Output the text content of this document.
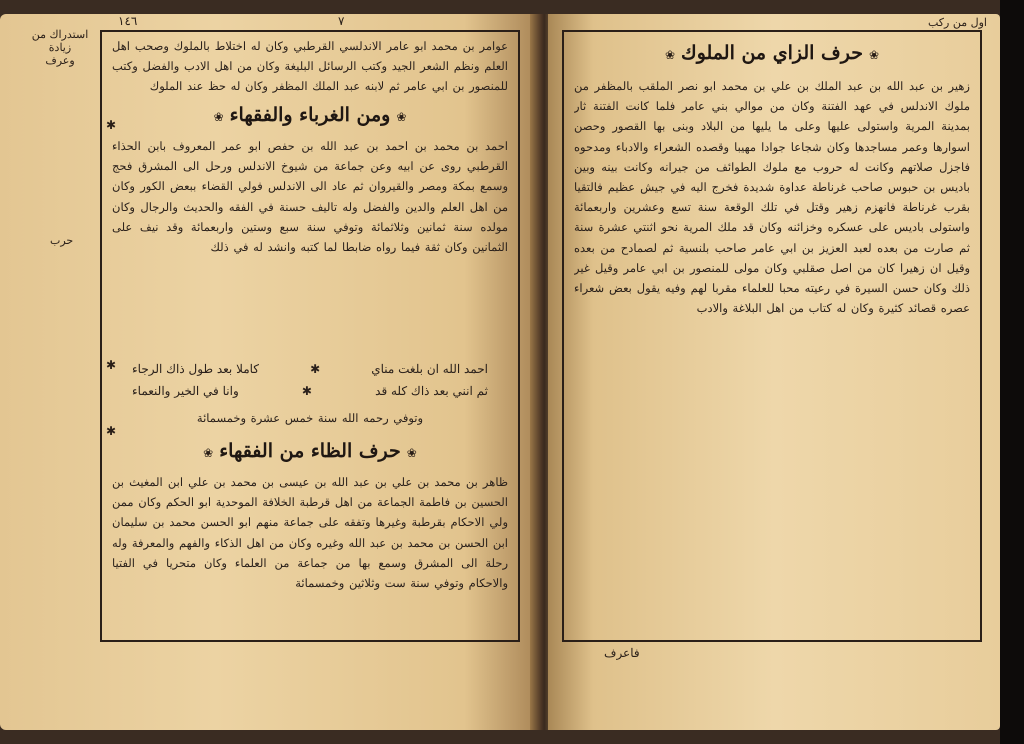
١٤٦	٧
استدراك من زيادة
وعرف
حرب
✱
✱
✱
عوامر بن محمد ابو عامر الاندلسي القرطبي وكان له اختلاط بالملوك وصحب اهل العلم ونظم الشعر الجيد وكتب الرسائل البليغة وكان من اهل الادب والفضل وكتب للمنصور بن ابي عامر ثم لابنه عبد الملك المظفر وكان له حظ عند الملوك
❀ومن الغرباء والفقهاء❀
احمد بن محمد بن احمد بن عبد الله بن حفص ابو عمر المعروف بابن الحذاء القرطبي روى عن ابيه وعن جماعة من شيوخ الاندلس ورحل الى المشرق فحج وسمع بمكة ومصر والقيروان ثم عاد الى الاندلس فولي القضاء ببعض الكور وكان من اهل العلم والدين والفضل وله تاليف حسنة في الفقه والحديث والرجال وكان مولده سنة ثمانين وثلاثمائة وتوفي سنة سبع وستين واربعمائة وقد نيف على الثمانين وكان ثقة فيما رواه ضابطا لما كتبه وانشد له في ذلك
احمد الله ان بلغت مناي
✱
كاملا بعد طول ذاك الرجاء
ثم انني بعد ذاك كله قد
✱
وانا في الخير والنعماء
وتوفي رحمه الله سنة خمس عشرة وخمسمائة
❀حرف الظاء من الفقهاء❀
ظاهر بن محمد بن علي بن عبد الله بن عيسى بن محمد بن علي ابن المغيث بن الحسين بن فاطمة الجماعة من اهل قرطبة الخلافة الموحدية ابو الحكم وكان ممن ولي الاحكام بقرطبة وغيرها وتفقه على جماعة منهم ابو الحسن محمد بن سليمان ابن الحسن بن محمد بن عبد الله وغيره وكان من اهل الذكاء والفهم والمعرفة وله رحلة الى المشرق وسمع بها من جماعة من العلماء وكان متحريا في الفتيا والاحكام وتوفي سنة ست وثلاثين وخمسمائة
اول من ركب
❀حرف الزاي من الملوك❀
زهير بن عبد الله بن عبد الملك بن علي بن محمد ابو نصر الملقب بالمظفر من ملوك الاندلس في عهد الفتنة وكان من موالي بني عامر فلما كانت الفتنة ثار بمدينة المرية واستولى عليها وعلى ما يليها من البلاد وبنى بها القصور وحصن اسوارها وعمر مساجدها وكان شجاعا جوادا مهيبا وقصده الشعراء والادباء ومدحوه فاجزل صلاتهم وكانت له حروب مع ملوك الطوائف من جيرانه وكانت بينه وبين باديس بن حبوس صاحب غرناطة عداوة شديدة فخرج اليه في جيش عظيم فالتقيا بقرب غرناطة فانهزم زهير وقتل في تلك الوقعة سنة تسع وعشرين واربعمائة واستولى باديس على عسكره وخزائنه وكان قد ملك المرية نحو اثنتي عشرة سنة ثم صارت من بعده لعبد العزيز بن ابي عامر صاحب بلنسية ثم لصمادح من بعده وقيل ان زهيرا كان من اصل صقلبي وكان مولى للمنصور بن ابي عامر وقيل غير ذلك وكان حسن السيرة في رعيته محبا للعلماء مقربا لهم وفيه يقول بعض شعراء عصره قصائد كثيرة وكان له كتاب من اهل البلاغة والادب
فاعرف
